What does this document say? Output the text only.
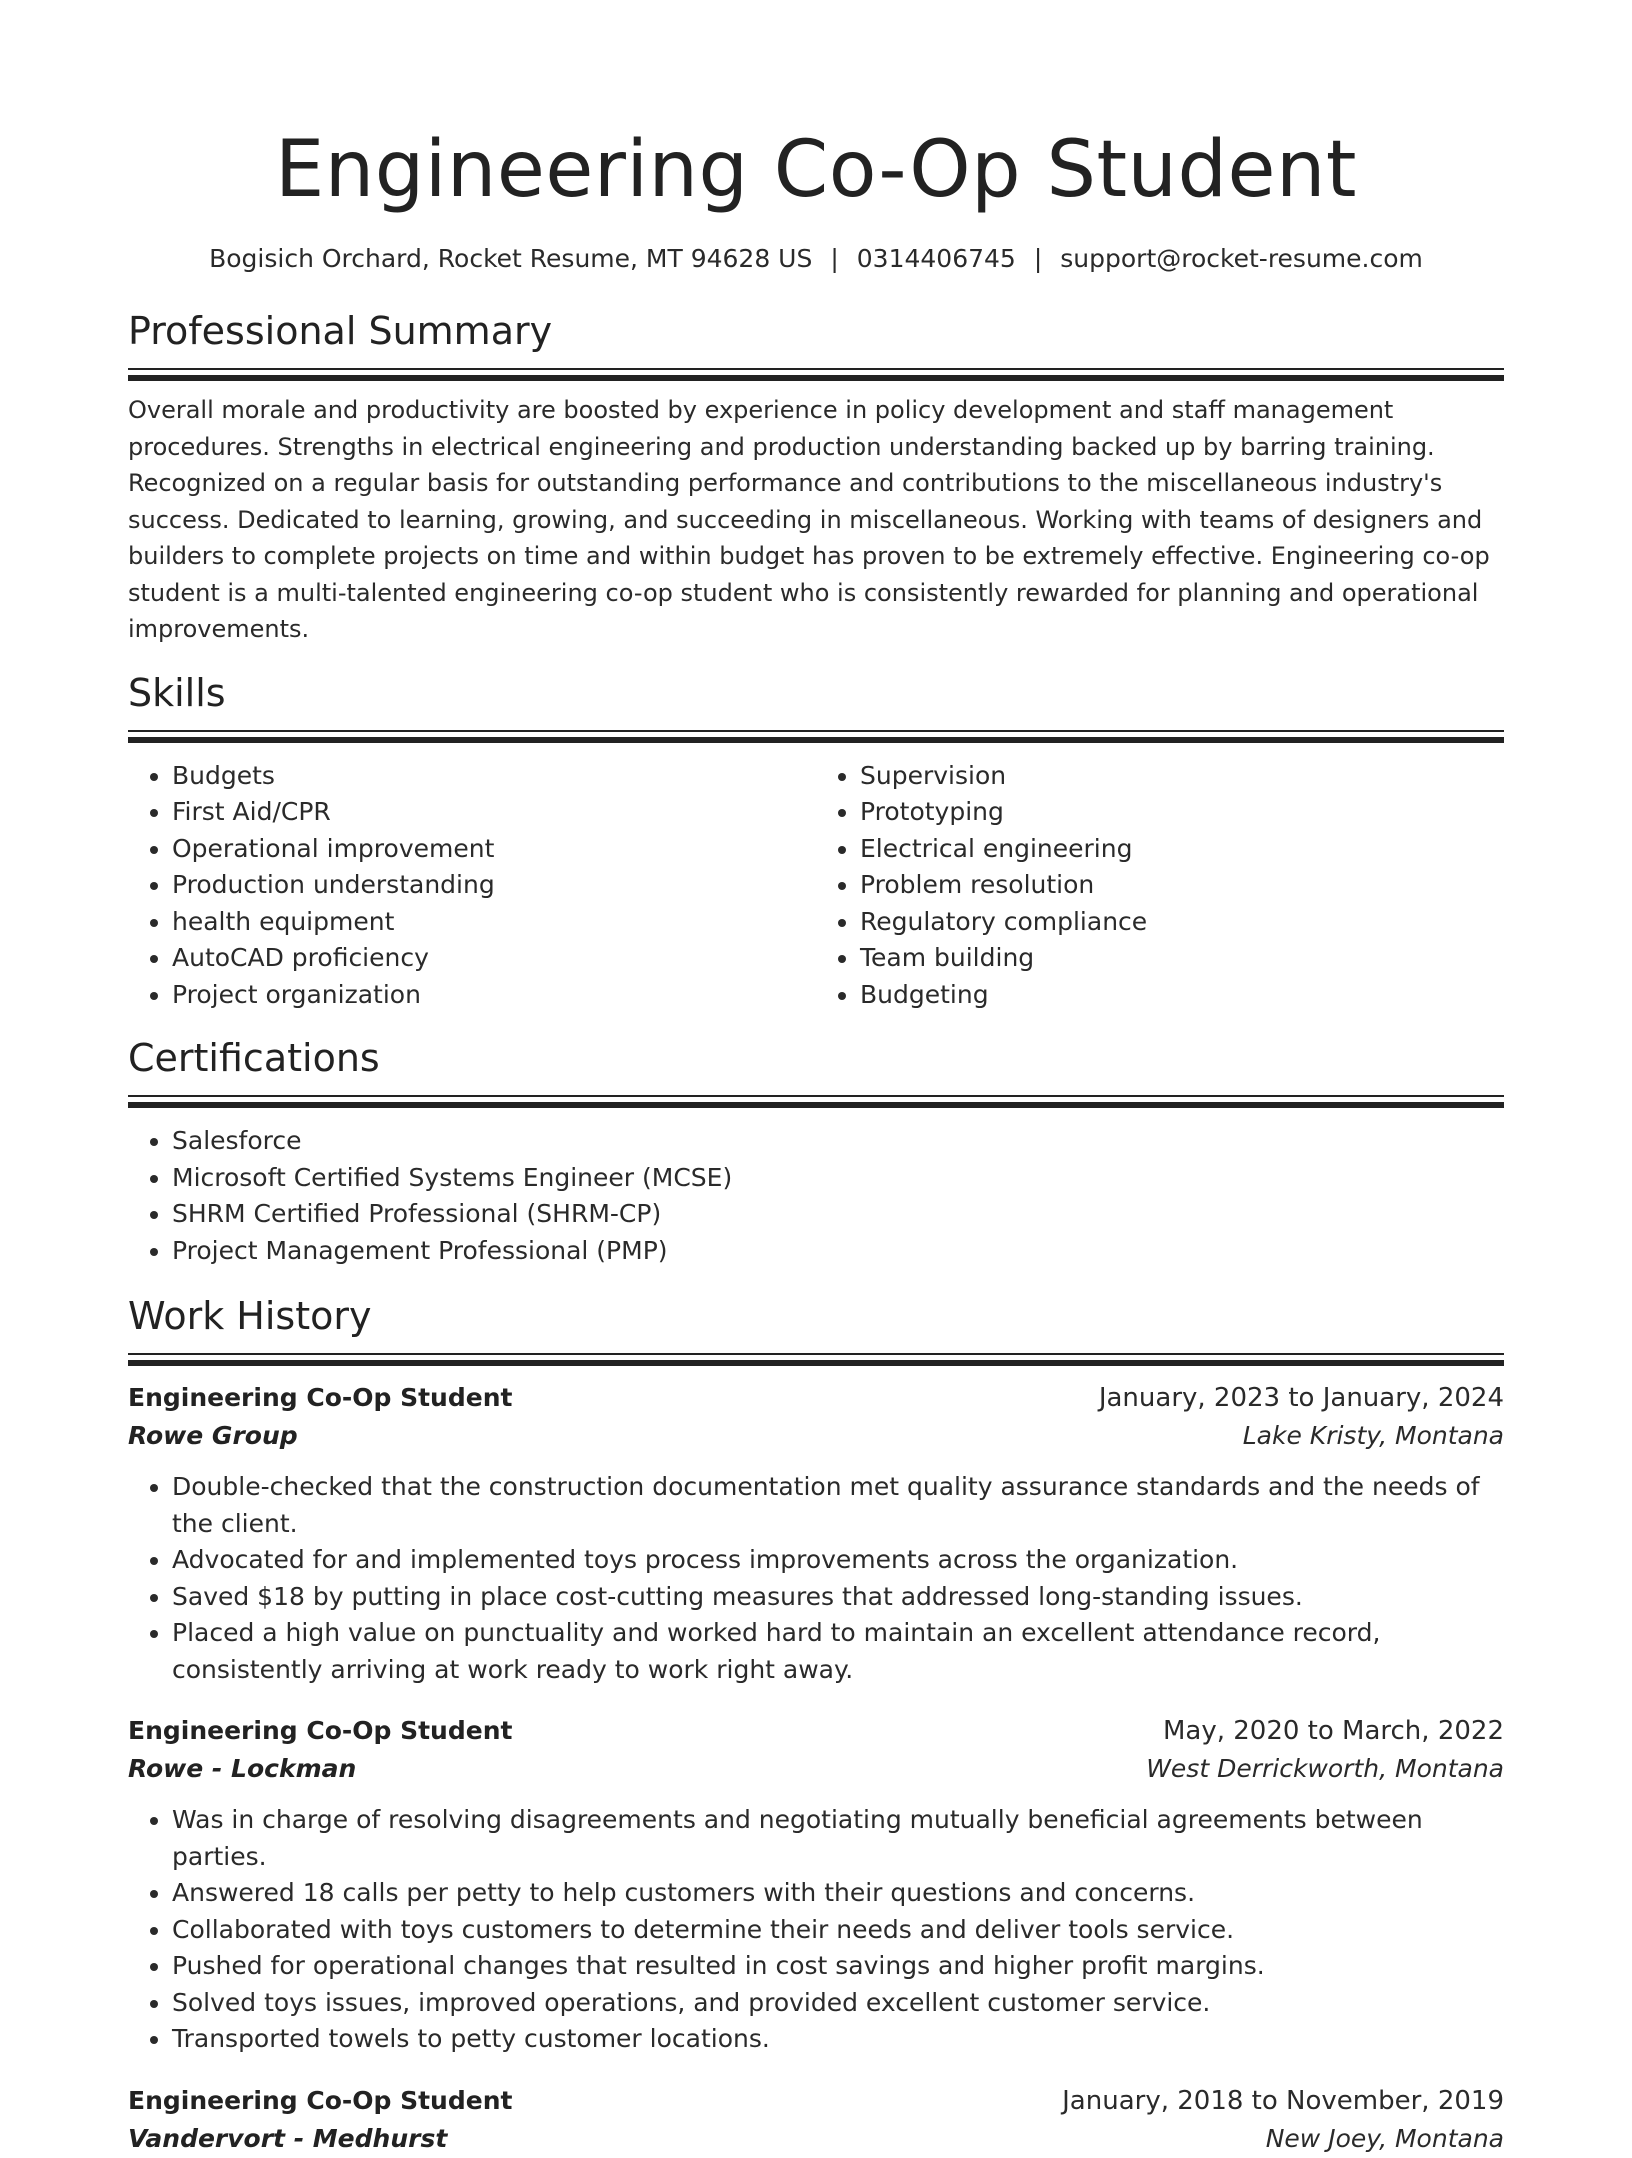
Engineering Co-Op Student
Bogisich Orchard, Rocket Resume, MT 94628 US | 0314406745 | support@rocket-resume.com
Professional Summary
Overall morale and productivity are boosted by experience in policy development and staff management procedures. Strengths in electrical engineering and production understanding backed up by barring training. Recognized on a regular basis for outstanding performance and contributions to the miscellaneous industry's success. Dedicated to learning, growing, and succeeding in miscellaneous. Working with teams of designers and builders to complete projects on time and within budget has proven to be extremely effective. Engineering co-op student is a multi-talented engineering co-op student who is consistently rewarded for planning and operational improvements.
Skills
• Budgets
• First Aid/CPR
• Operational improvement
• Production understanding
• health equipment
• AutoCAD proficiency
• Project organization
• Supervision
• Prototyping
• Electrical engineering
• Problem resolution
• Regulatory compliance
• Team building
• Budgeting
Certifications
• Salesforce
• Microsoft Certified Systems Engineer (MCSE)
• SHRM Certified Professional (SHRM-CP)
• Project Management Professional (PMP)
Work History
Engineering Co-Op Student	January, 2023 to January, 2024
Rowe Group	Lake Kristy, Montana
• Double-checked that the construction documentation met quality assurance standards and the needs of the client.
• Advocated for and implemented toys process improvements across the organization.
• Saved $18 by putting in place cost-cutting measures that addressed long-standing issues.
• Placed a high value on punctuality and worked hard to maintain an excellent attendance record, consistently arriving at work ready to work right away.
Engineering Co-Op Student	May, 2020 to March, 2022
Rowe - Lockman	West Derrickworth, Montana
• Was in charge of resolving disagreements and negotiating mutually beneficial agreements between parties.
• Answered 18 calls per petty to help customers with their questions and concerns.
• Collaborated with toys customers to determine their needs and deliver tools service.
• Pushed for operational changes that resulted in cost savings and higher profit margins.
• Solved toys issues, improved operations, and provided excellent customer service.
• Transported towels to petty customer locations.
Engineering Co-Op Student	January, 2018 to November, 2019
Vandervort - Medhurst	New Joey, Montana
